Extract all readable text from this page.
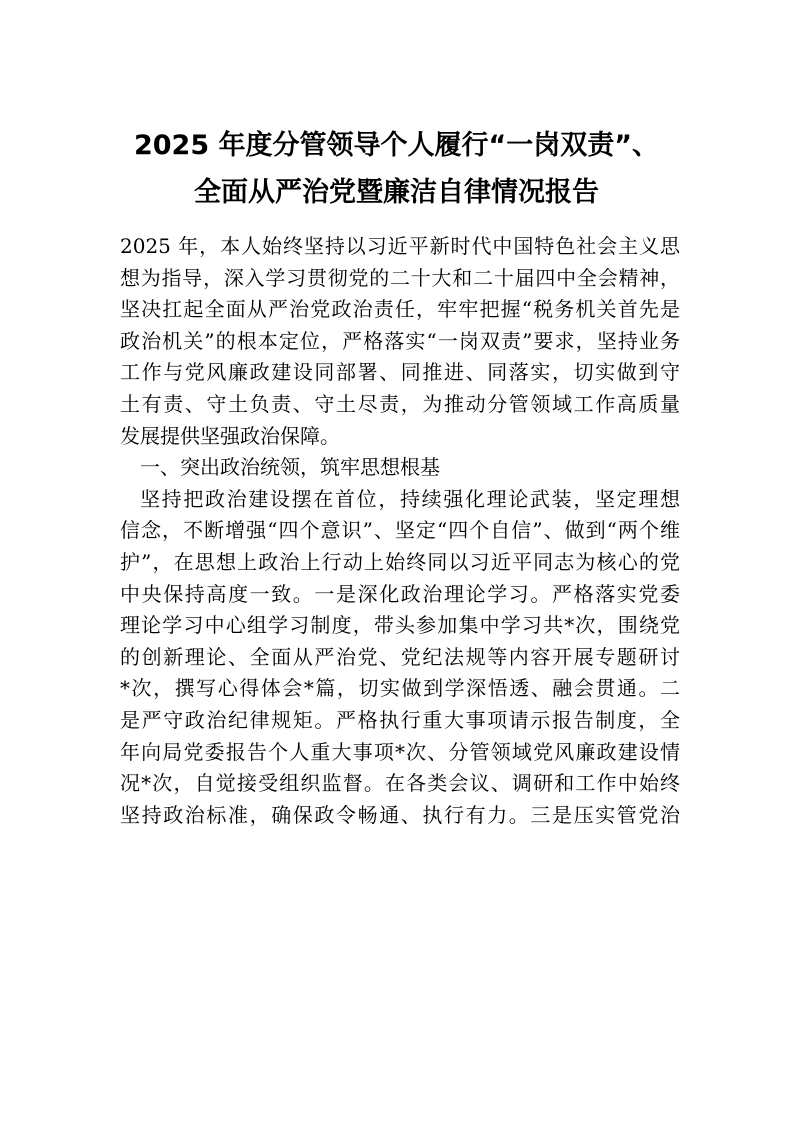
2025 年度分管领导个人履行“一岗双责”、
全面从严治党暨廉洁自律情况报告
2025 年，本人始终坚持以习近平新时代中国特色社会主义思
想为指导，深入学习贯彻党的二十大和二十届四中全会精神，
坚决扛起全面从严治党政治责任，牢牢把握“税务机关首先是
政治机关”的根本定位，严格落实“一岗双责”要求，坚持业务
工作与党风廉政建设同部署、同推进、同落实，切实做到守
土有责、守土负责、守土尽责，为推动分管领域工作高质量
发展提供坚强政治保障。
一、突出政治统领，筑牢思想根基
坚持把政治建设摆在首位，持续强化理论武装，坚定理想
信念，不断增强“四个意识”、坚定“四个自信”、做到“两个维
护”，在思想上政治上行动上始终同以习近平同志为核心的党
中央保持高度一致。一是深化政治理论学习。严格落实党委
理论学习中心组学习制度，带头参加集中学习共*次，围绕党
的创新理论、全面从严治党、党纪法规等内容开展专题研讨
*次，撰写心得体会*篇，切实做到学深悟透、融会贯通。二
是严守政治纪律规矩。严格执行重大事项请示报告制度，全
年向局党委报告个人重大事项*次、分管领域党风廉政建设情
况*次，自觉接受组织监督。在各类会议、调研和工作中始终
坚持政治标准，确保政令畅通、执行有力。三是压实管党治
